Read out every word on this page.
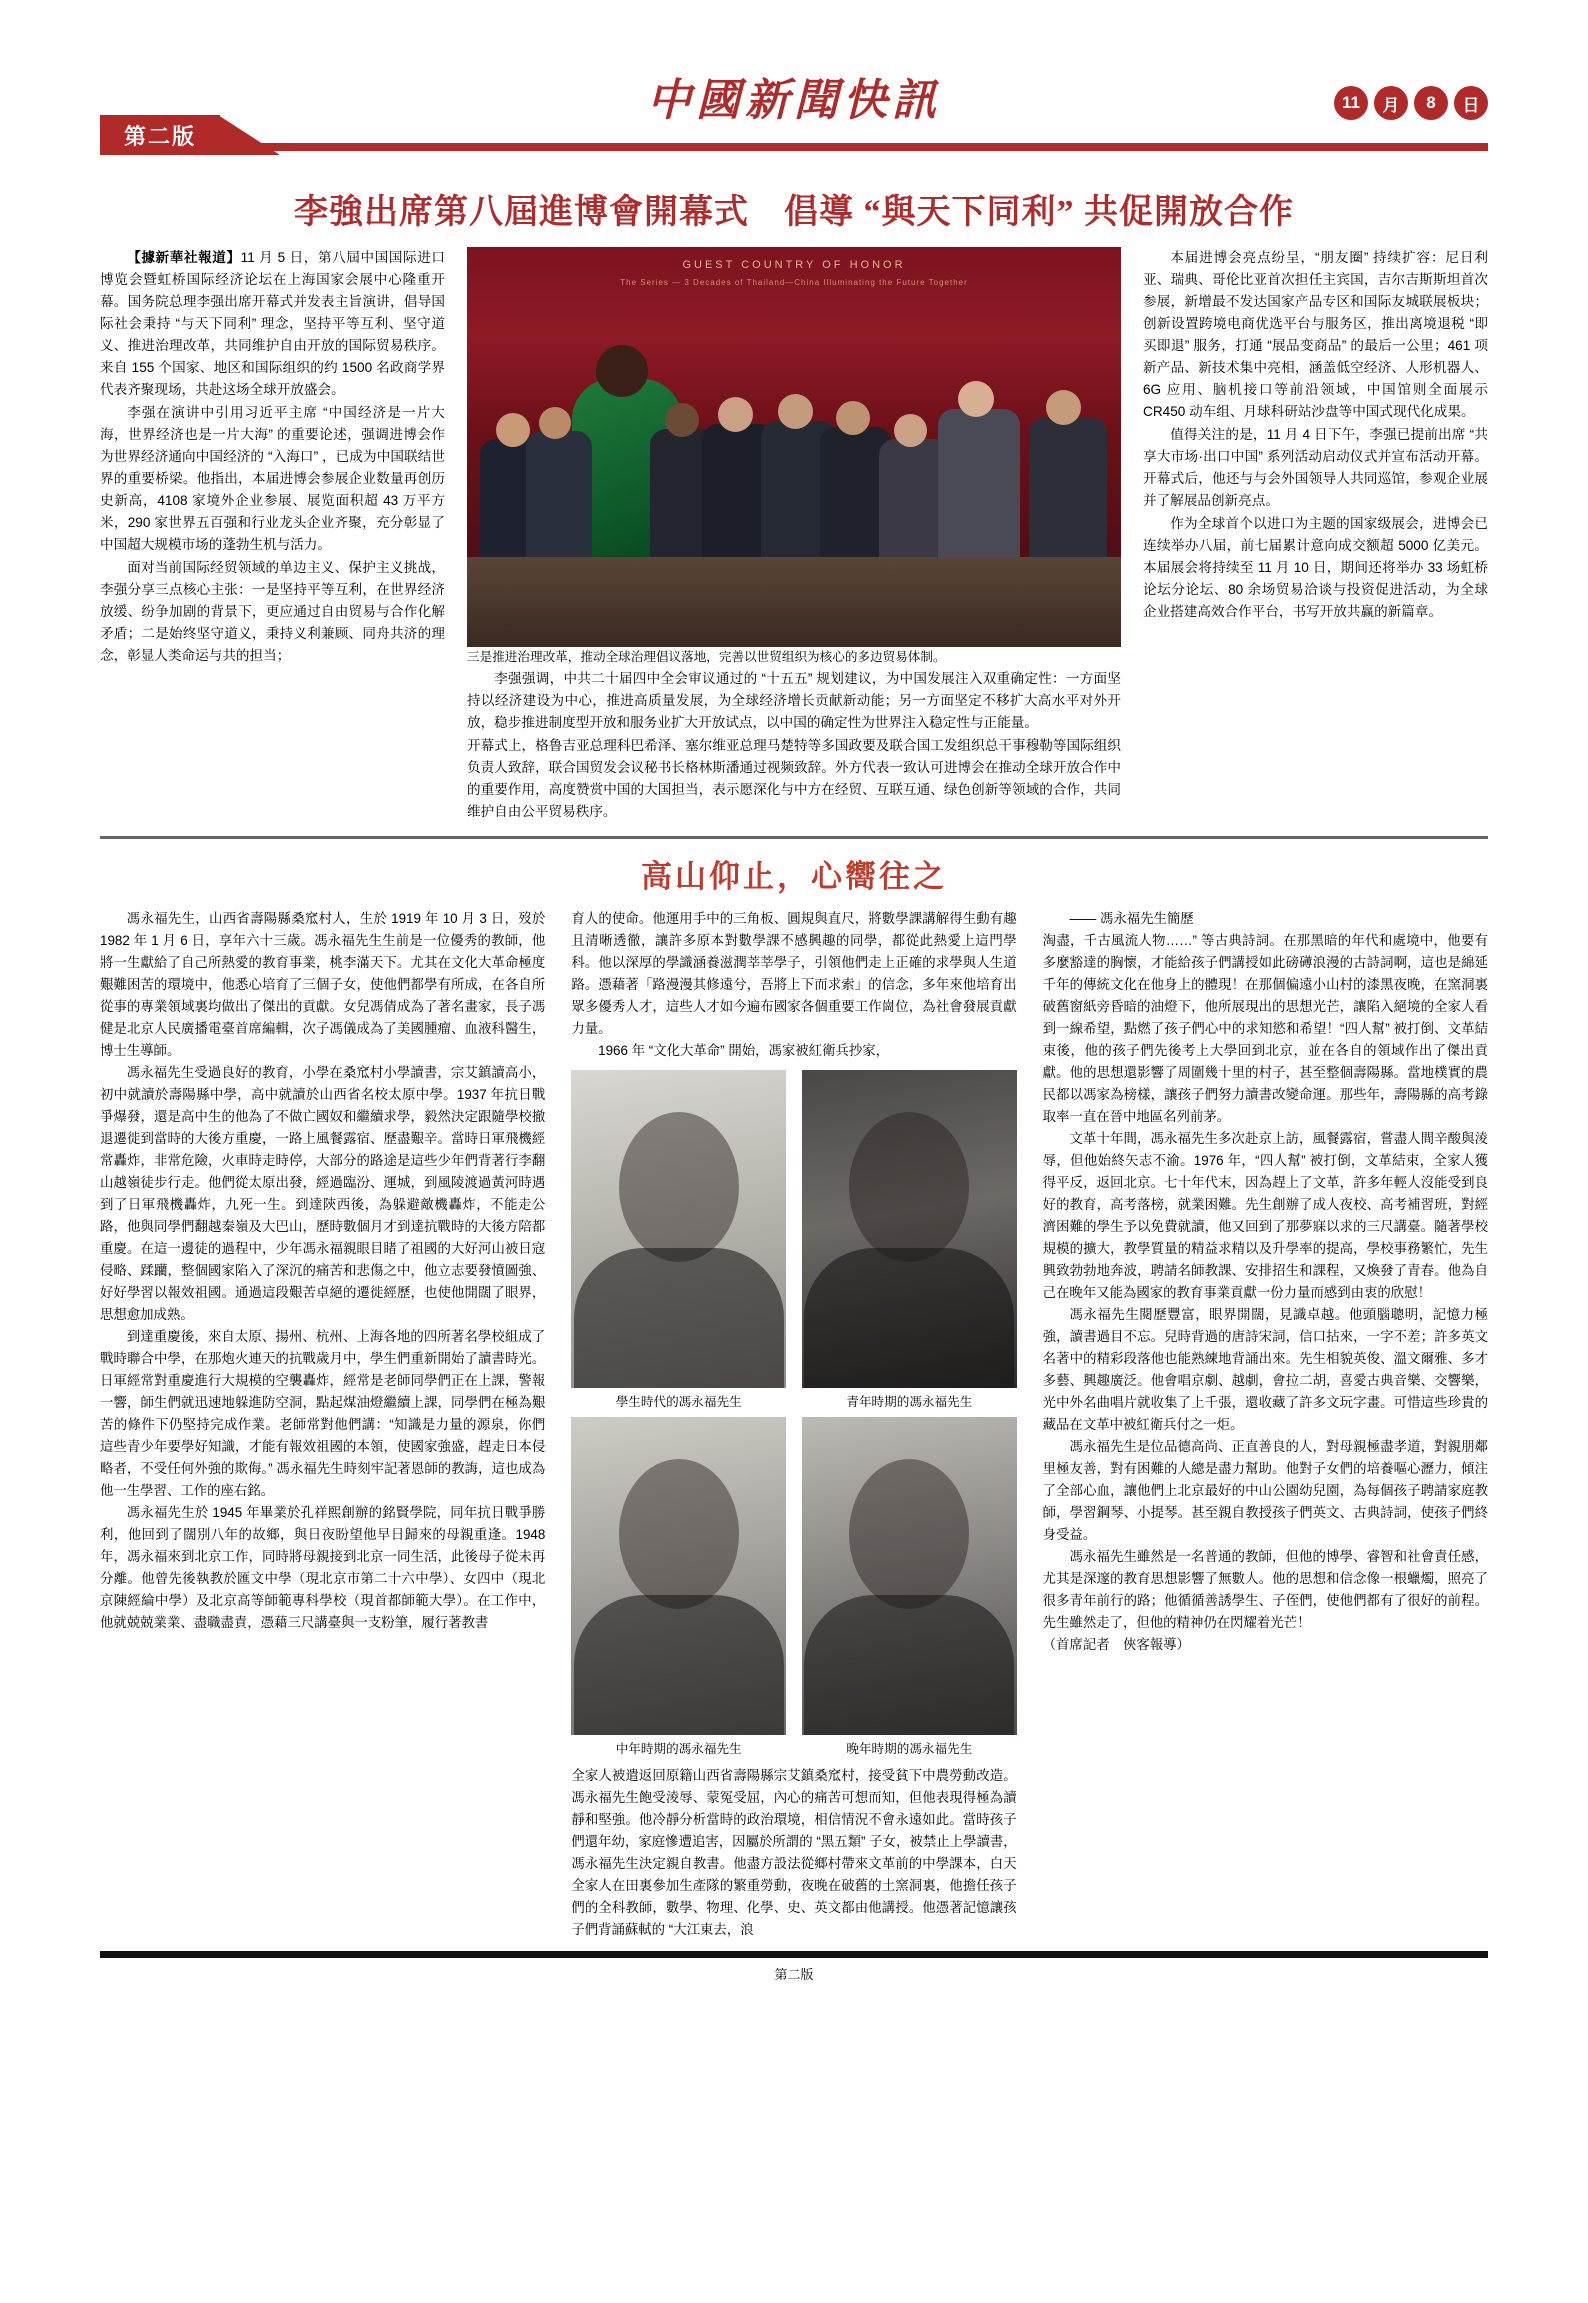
中國新聞快訊
第二版
11	月	8	日
李強出席第八屆進博會開幕式　倡導 “與天下同利” 共促開放合作

【據新華社報道】11 月 5 日，第八屆中国国际进口博览会暨虹桥国际经济论坛在上海国家会展中心隆重开幕。国务院总理李强出席开幕式并发表主旨演讲，倡导国际社会秉持 “与天下同利” 理念，坚持平等互利、坚守道义、推进治理改革，共同维护自由开放的国际贸易秩序。来自 155 个国家、地区和国际组织的约 1500 名政商学界代表齐聚现场，共赴这场全球开放盛会。

李强在演讲中引用习近平主席 “中国经济是一片大海，世界经济也是一片大海” 的重要论述，强调进博会作为世界经济通向中国经济的 “入海口” ，已成为中国联结世界的重要桥梁。他指出，本届进博会参展企业数量再创历史新高，4108 家境外企业参展、展览面积超 43 万平方米，290 家世界五百强和行业龙头企业齐聚，充分彰显了中国超大规模市场的蓬勃生机与活力。

面对当前国际经贸领域的单边主义、保护主义挑战，李强分享三点核心主张：一是坚持平等互利，在世界经济放缓、纷争加剧的背景下，更应通过自由贸易与合作化解矛盾；二是始终坚守道义，秉持义利兼顾、同舟共济的理念，彰显人类命运与共的担当；

GUEST COUNTRY OF HONOR
The Series — 3 Decades of Thailand—China Illuminating the Future Together

三是推进治理改革，推动全球治理倡议落地，完善以世贸组织为核心的多边贸易体制。

李强强调，中共二十届四中全会审议通过的 “十五五” 规划建议，为中国发展注入双重确定性：一方面坚持以经济建设为中心，推进高质量发展，为全球经济增长贡献新动能；另一方面坚定不移扩大高水平对外开放，稳步推进制度型开放和服务业扩大开放试点，以中国的确定性为世界注入稳定性与正能量。

开幕式上，格鲁吉亚总理科巴希泽、塞尔维亚总理马楚特等多国政要及联合国工发组织总干事穆勒等国际组织负责人致辞，联合国贸发会议秘书长格林斯潘通过视频致辞。外方代表一致认可进博会在推动全球开放合作中的重要作用，高度赞赏中国的大国担当，表示愿深化与中方在经贸、互联互通、绿色创新等领域的合作，共同维护自由公平贸易秩序。

本届进博会亮点纷呈，“朋友圈” 持续扩容：尼日利亚、瑞典、哥伦比亚首次担任主宾国，吉尔吉斯斯坦首次参展，新增最不发达国家产品专区和国际友城联展板块；创新设置跨境电商优选平台与服务区，推出离境退税 “即买即退” 服务，打通 “展品变商品” 的最后一公里；461 项新产品、新技术集中亮相，涵盖低空经济、人形机器人、6G 应用、脑机接口等前沿领域，中国馆则全面展示 CR450 动车组、月球科研站沙盘等中国式现代化成果。

值得关注的是，11 月 4 日下午，李强已提前出席 “共享大市场·出口中国” 系列活动启动仪式并宣布活动开幕。开幕式后，他还与与会外国领导人共同巡馆，参观企业展并了解展品创新亮点。

作为全球首个以进口为主题的国家级展会，进博会已连续举办八届，前七届累计意向成交额超 5000 亿美元。本届展会将持续至 11 月 10 日，期间还将举办 33 场虹桥论坛分论坛、80 余场贸易洽谈与投资促进活动，为全球企业搭建高效合作平台，书写开放共赢的新篇章。

高山仰止，心嚮往之

馮永福先生，山西省壽陽縣桑窊村人，生於 1919 年 10 月 3 日，歿於 1982 年 1 月 6 日，享年六十三歲。馮永福先生生前是一位優秀的教師，他將一生獻給了自己所熱愛的教育事業，桃李滿天下。尤其在文化大革命極度艱難困苦的環境中，他悉心培育了三個子女，使他們都學有所成，在各自所從事的專業領域裏均做出了傑出的貢獻。女兒馮倩成為了著名畫家，長子馮健是北京人民廣播電臺首席編輯，次子馮儀成為了美國腫瘤、血液科醫生，博士生導師。

馮永福先生受過良好的教育，小學在桑窊村小學讀書，宗艾鎮讀高小，初中就讀於壽陽縣中學，高中就讀於山西省名校太原中學。1937 年抗日戰爭爆發，還是高中生的他為了不做亡國奴和繼續求學，毅然決定跟隨學校撤退遷徙到當時的大後方重慶，一路上風餐露宿、歷盡艱辛。當時日軍飛機經常轟炸，非常危險，火車時走時停，大部分的路途是這些少年們背著行李翻山越嶺徒步行走。他們從太原出發，經過臨汾、運城，到風陵渡過黃河時遇到了日軍飛機轟炸，九死一生。到達陝西後，為躲避敵機轟炸，不能走公路，他與同學們翻越秦嶺及大巴山，歷時數個月才到達抗戰時的大後方陪都重慶。在這一邊徒的過程中，少年馮永福親眼目睹了祖國的大好河山被日寇侵略、蹂躪，整個國家陷入了深沉的痛苦和悲傷之中，他立志要發憤圖強、好好學習以報效祖國。通過這段艱苦卓絕的遷徙經歷，也使他開闊了眼界，思想愈加成熟。

到達重慶後，來自太原、揚州、杭州、上海各地的四所著名學校組成了戰時聯合中學，在那炮火連天的抗戰歲月中，學生們重新開始了讀書時光。日軍經常對重慶進行大規模的空襲轟炸，經常是老師同學們正在上課，警報一響，師生們就迅速地躲進防空洞，點起煤油燈繼續上課，同學們在極為艱苦的條件下仍堅持完成作業。老師常對他們講：“知識是力量的源泉，你們這些青少年要學好知識，才能有報效祖國的本領，使國家強盛，趕走日本侵略者，不受任何外強的欺侮。” 馮永福先生時刻牢記著恩師的教誨，這也成為他一生學習、工作的座右銘。

馮永福先生於 1945 年畢業於孔祥熙創辦的銘賢學院，同年抗日戰爭勝利，他回到了闊別八年的故鄉，與日夜盼望他早日歸來的母親重逢。1948 年，馮永福來到北京工作，同時將母親接到北京一同生活，此後母子從未再分離。他曾先後執教於匯文中學（現北京市第二十六中學）、女四中（現北京陳經綸中學）及北京高等師範專科學校（現首都師範大學）。在工作中，他就兢兢業業、盡職盡責，憑藉三尺講臺與一支粉筆，履行著教書

育人的使命。他運用手中的三角板、圓規與直尺，將數學課講解得生動有趣且清晰透徹，讓許多原本對數學課不感興趣的同學，都從此熱愛上這門學科。他以深厚的學識涵養滋潤莘莘學子，引領他們走上正確的求學與人生道路。憑藉著「路漫漫其修遠兮，吾將上下而求索」的信念，多年來他培育出眾多優秀人才，這些人才如今遍布國家各個重要工作崗位，為社會發展貢獻力量。

1966 年 “文化大革命” 開始，馮家被紅衛兵抄家，

學生時代的馮永福先生	青年時期的馮永福先生
中年時期的馮永福先生	晚年時期的馮永福先生

全家人被遣返回原籍山西省壽陽縣宗艾鎮桑窊村，接受貧下中農勞動改造。馮永福先生飽受淩辱、蒙冤受屈，內心的痛苦可想而知，但他表現得極為讀靜和堅強。他冷靜分析當時的政治環境，相信情況不會永遠如此。當時孩子們還年幼，家庭慘遭追害，因屬於所謂的 “黑五類” 子女，被禁止上學讀書，馮永福先生決定親自教書。他盡方設法從鄉村帶來文革前的中學課本，白天全家人在田裏參加生產隊的繁重勞動，夜晚在破舊的土窯洞裏，他擔任孩子們的全科教師，數學、物理、化學、史、英文都由他講授。他憑著記憶讓孩子們背誦蘇軾的 “大江東去，浪

—— 馮永福先生簡歷

淘盡，千古風流人物……” 等古典詩詞。在那黑暗的年代和處境中，他要有多麼豁達的胸懷，才能給孩子們講授如此磅礡浪漫的古詩詞啊，這也是綿延千年的傳統文化在他身上的體現！在那個偏遠小山村的漆黑夜晚，在窯洞裏破舊窗紙旁昏暗的油燈下，他所展現出的思想光芒，讓陷入絕境的全家人看到一線希望，點燃了孩子們心中的求知慾和希望！“四人幫” 被打倒、文革結束後，他的孩子們先後考上大學回到北京，並在各自的領域作出了傑出貢獻。他的思想還影響了周圍幾十里的村子，甚至整個壽陽縣。當地樸實的農民都以馮家為榜樣，讓孩子們努力讀書改變命運。那些年，壽陽縣的高考錄取率一直在晉中地區名列前茅。

文革十年間，馮永福先生多次赴京上訪，風餐露宿，嘗盡人間辛酸與淩辱，但他始終矢志不渝。1976 年，“四人幫” 被打倒，文革結束，全家人獲得平反，返回北京。七十年代末，因為趕上了文革，許多年輕人沒能受到良好的教育，高考落榜，就業困難。先生創辦了成人夜校、高考補習班，對經濟困難的學生予以免費就讀，他又回到了那夢寐以求的三尺講臺。隨著學校規模的擴大，教學質量的精益求精以及升學率的提高，學校事務繁忙，先生興致勃勃地奔波，聘請名師教課、安排招生和課程，又煥發了青春。他為自己在晚年又能為國家的教育事業貢獻一份力量而感到由衷的欣慰！

馮永福先生閱歷豐富，眼界開闊，見識卓越。他頭腦聰明，記憶力極強，讀書過目不忘。兒時背過的唐詩宋詞，信口拈來，一字不差；許多英文名著中的精彩段落他也能熟練地背誦出來。先生相貌英俊、溫文爾雅、多才多藝、興趣廣泛。他會唱京劇、越劇，會拉二胡，喜愛古典音樂、交響樂，光中外名曲唱片就收集了上千張，還收藏了許多文玩字畫。可惜這些珍貴的藏品在文革中被紅衛兵付之一炬。

馮永福先生是位品德高尚、正直善良的人，對母親極盡孝道，對親朋鄰里極友善，對有困難的人總是盡力幫助。他對子女們的培養嘔心瀝力，傾注了全部心血，讓他們上北京最好的中山公園幼兒園，為每個孩子聘請家庭教師，學習鋼琴、小提琴。甚至親自教授孩子們英文、古典詩詞，使孩子們終身受益。

馮永福先生雖然是一名普通的教師，但他的博學、睿智和社會責任感，尤其是深邃的教育思想影響了無數人。他的思想和信念像一根蠟燭，照亮了很多青年前行的路；他循循善誘學生、子侄們，使他們都有了很好的前程。先生雖然走了，但他的精神仍在閃耀着光芒！

（首席記者　俠客報導）

第二版
